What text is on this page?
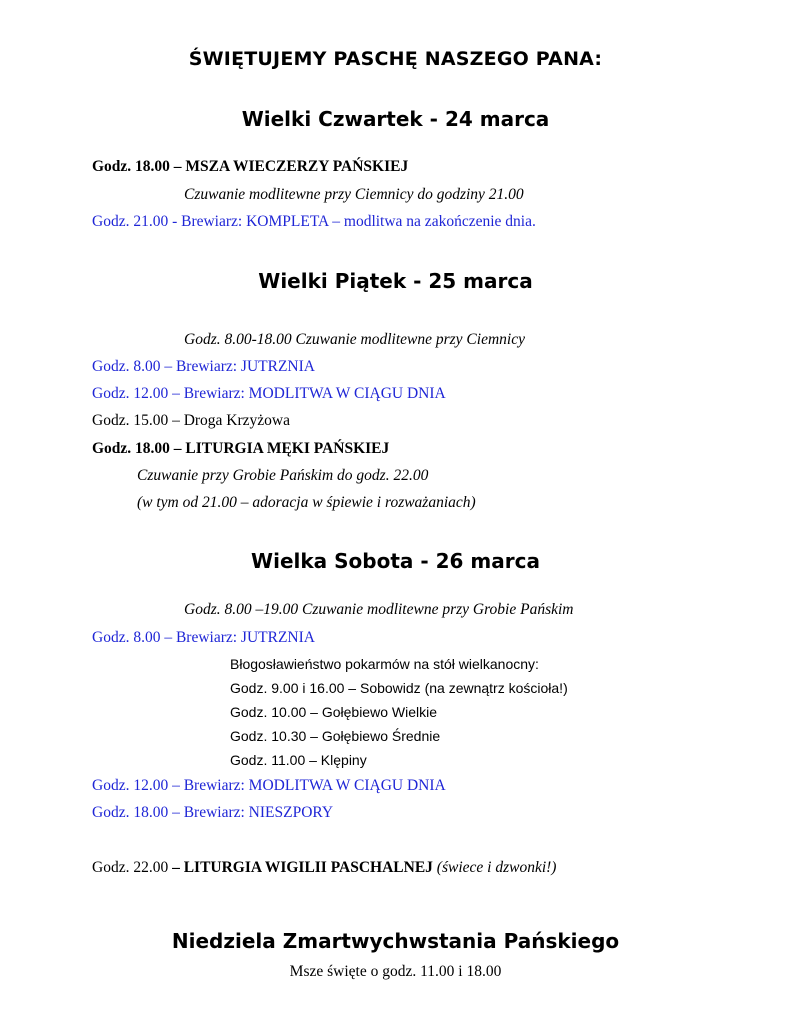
ŚWIĘTUJEMY PASCHĘ NASZEGO PANA:
Wielki Czwartek - 24 marca
Godz. 18.00 – MSZA WIECZERZY PAŃSKIEJ
Czuwanie modlitewne przy Ciemnicy do godziny 21.00
Godz. 21.00 - Brewiarz: KOMPLETA – modlitwa na zakończenie dnia.
Wielki Piątek - 25 marca
Godz. 8.00-18.00 Czuwanie modlitewne przy Ciemnicy
Godz. 8.00 – Brewiarz: JUTRZNIA
Godz. 12.00 – Brewiarz: MODLITWA W CIĄGU DNIA
Godz. 15.00 – Droga Krzyżowa
Godz. 18.00 – LITURGIA MĘKI PAŃSKIEJ
Czuwanie przy Grobie Pańskim do godz. 22.00
(w tym od 21.00 – adoracja w śpiewie i rozważaniach)
Wielka Sobota - 26 marca
Godz. 8.00 –19.00 Czuwanie modlitewne przy Grobie Pańskim
Godz. 8.00 – Brewiarz: JUTRZNIA
Błogosławieństwo pokarmów na stół wielkanocny:
Godz. 9.00 i 16.00 – Sobowidz (na zewnątrz kościoła!)
Godz. 10.00 – Gołębiewo Wielkie
Godz. 10.30 – Gołębiewo Średnie
Godz. 11.00 – Klępiny
Godz. 12.00 – Brewiarz: MODLITWA W CIĄGU DNIA
Godz. 18.00 – Brewiarz: NIESZPORY
Godz. 22.00 – LITURGIA WIGILII PASCHALNEJ (świece i dzwonki!)
Niedziela Zmartwychwstania Pańskiego
Msze święte o godz. 11.00 i 18.00
